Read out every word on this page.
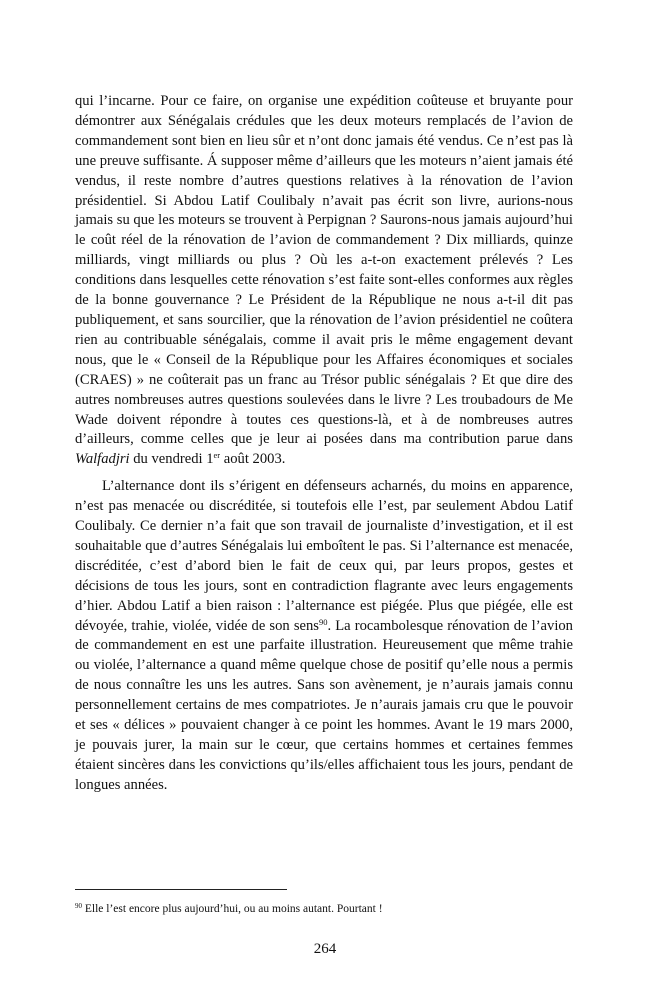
qui l’incarne. Pour ce faire, on organise une expédition coûteuse et bruyante pour démontrer aux Sénégalais crédules que les deux moteurs remplacés de l’avion de commandement sont bien en lieu sûr et n’ont donc jamais été vendus. Ce n’est pas là une preuve suffisante. Á supposer même d’ailleurs que les moteurs n’aient jamais été vendus, il reste nombre d’autres questions relatives à la rénovation de l’avion présidentiel. Si Abdou Latif Coulibaly n’avait pas écrit son livre, aurions-nous jamais su que les moteurs se trouvent à Perpignan ? Saurons-nous jamais aujourd’hui le coût réel de la rénovation de l’avion de commandement ? Dix milliards, quinze milliards, vingt milliards ou plus ? Où les a-t-on exactement prélevés ? Les conditions dans lesquelles cette rénovation s’est faite sont-elles conformes aux règles de la bonne gouvernance ? Le Président de la République ne nous a-t-il dit pas publiquement, et sans sourcilier, que la rénovation de l’avion présidentiel ne coûtera rien au contribuable sénégalais, comme il avait pris le même engagement devant nous, que le « Conseil de la République pour les Affaires économiques et sociales (CRAES) » ne coûterait pas un franc au Trésor public sénégalais ? Et que dire des autres nombreuses autres questions soulevées dans le livre ? Les troubadours de Me Wade doivent répondre à toutes ces questions-là, et à de nombreuses autres d’ailleurs, comme celles que je leur ai posées dans ma contribution parue dans Walfadjri du vendredi 1er août 2003.

L’alternance dont ils s’érigent en défenseurs acharnés, du moins en apparence, n’est pas menacée ou discréditée, si toutefois elle l’est, par seulement Abdou Latif Coulibaly. Ce dernier n’a fait que son travail de journaliste d’investigation, et il est souhaitable que d’autres Sénégalais lui emboîtent le pas. Si l’alternance est menacée, discréditée, c’est d’abord bien le fait de ceux qui, par leurs propos, gestes et décisions de tous les jours, sont en contradiction flagrante avec leurs engagements d’hier. Abdou Latif a bien raison : l’alternance est piégée. Plus que piégée, elle est dévoyée, trahie, violée, vidée de son sens$^{90}$. La rocambolesque rénovation de l’avion de commandement en est une parfaite illustration. Heureusement que même trahie ou violée, l’alternance a quand même quelque chose de positif qu’elle nous a permis de nous connaître les uns les autres. Sans son avènement, je n’aurais jamais connu personnellement certains de mes compatriotes. Je n’aurais jamais cru que le pouvoir et ses « délices » pouvaient changer à ce point les hommes. Avant le 19 mars 2000, je pouvais jurer, la main sur le cœur, que certains hommes et certaines femmes étaient sincères dans les convictions qu’ils/elles affichaient tous les jours, pendant de longues années.

$^{90}$ Elle l’est encore plus aujourd’hui, ou au moins autant. Pourtant !
264
